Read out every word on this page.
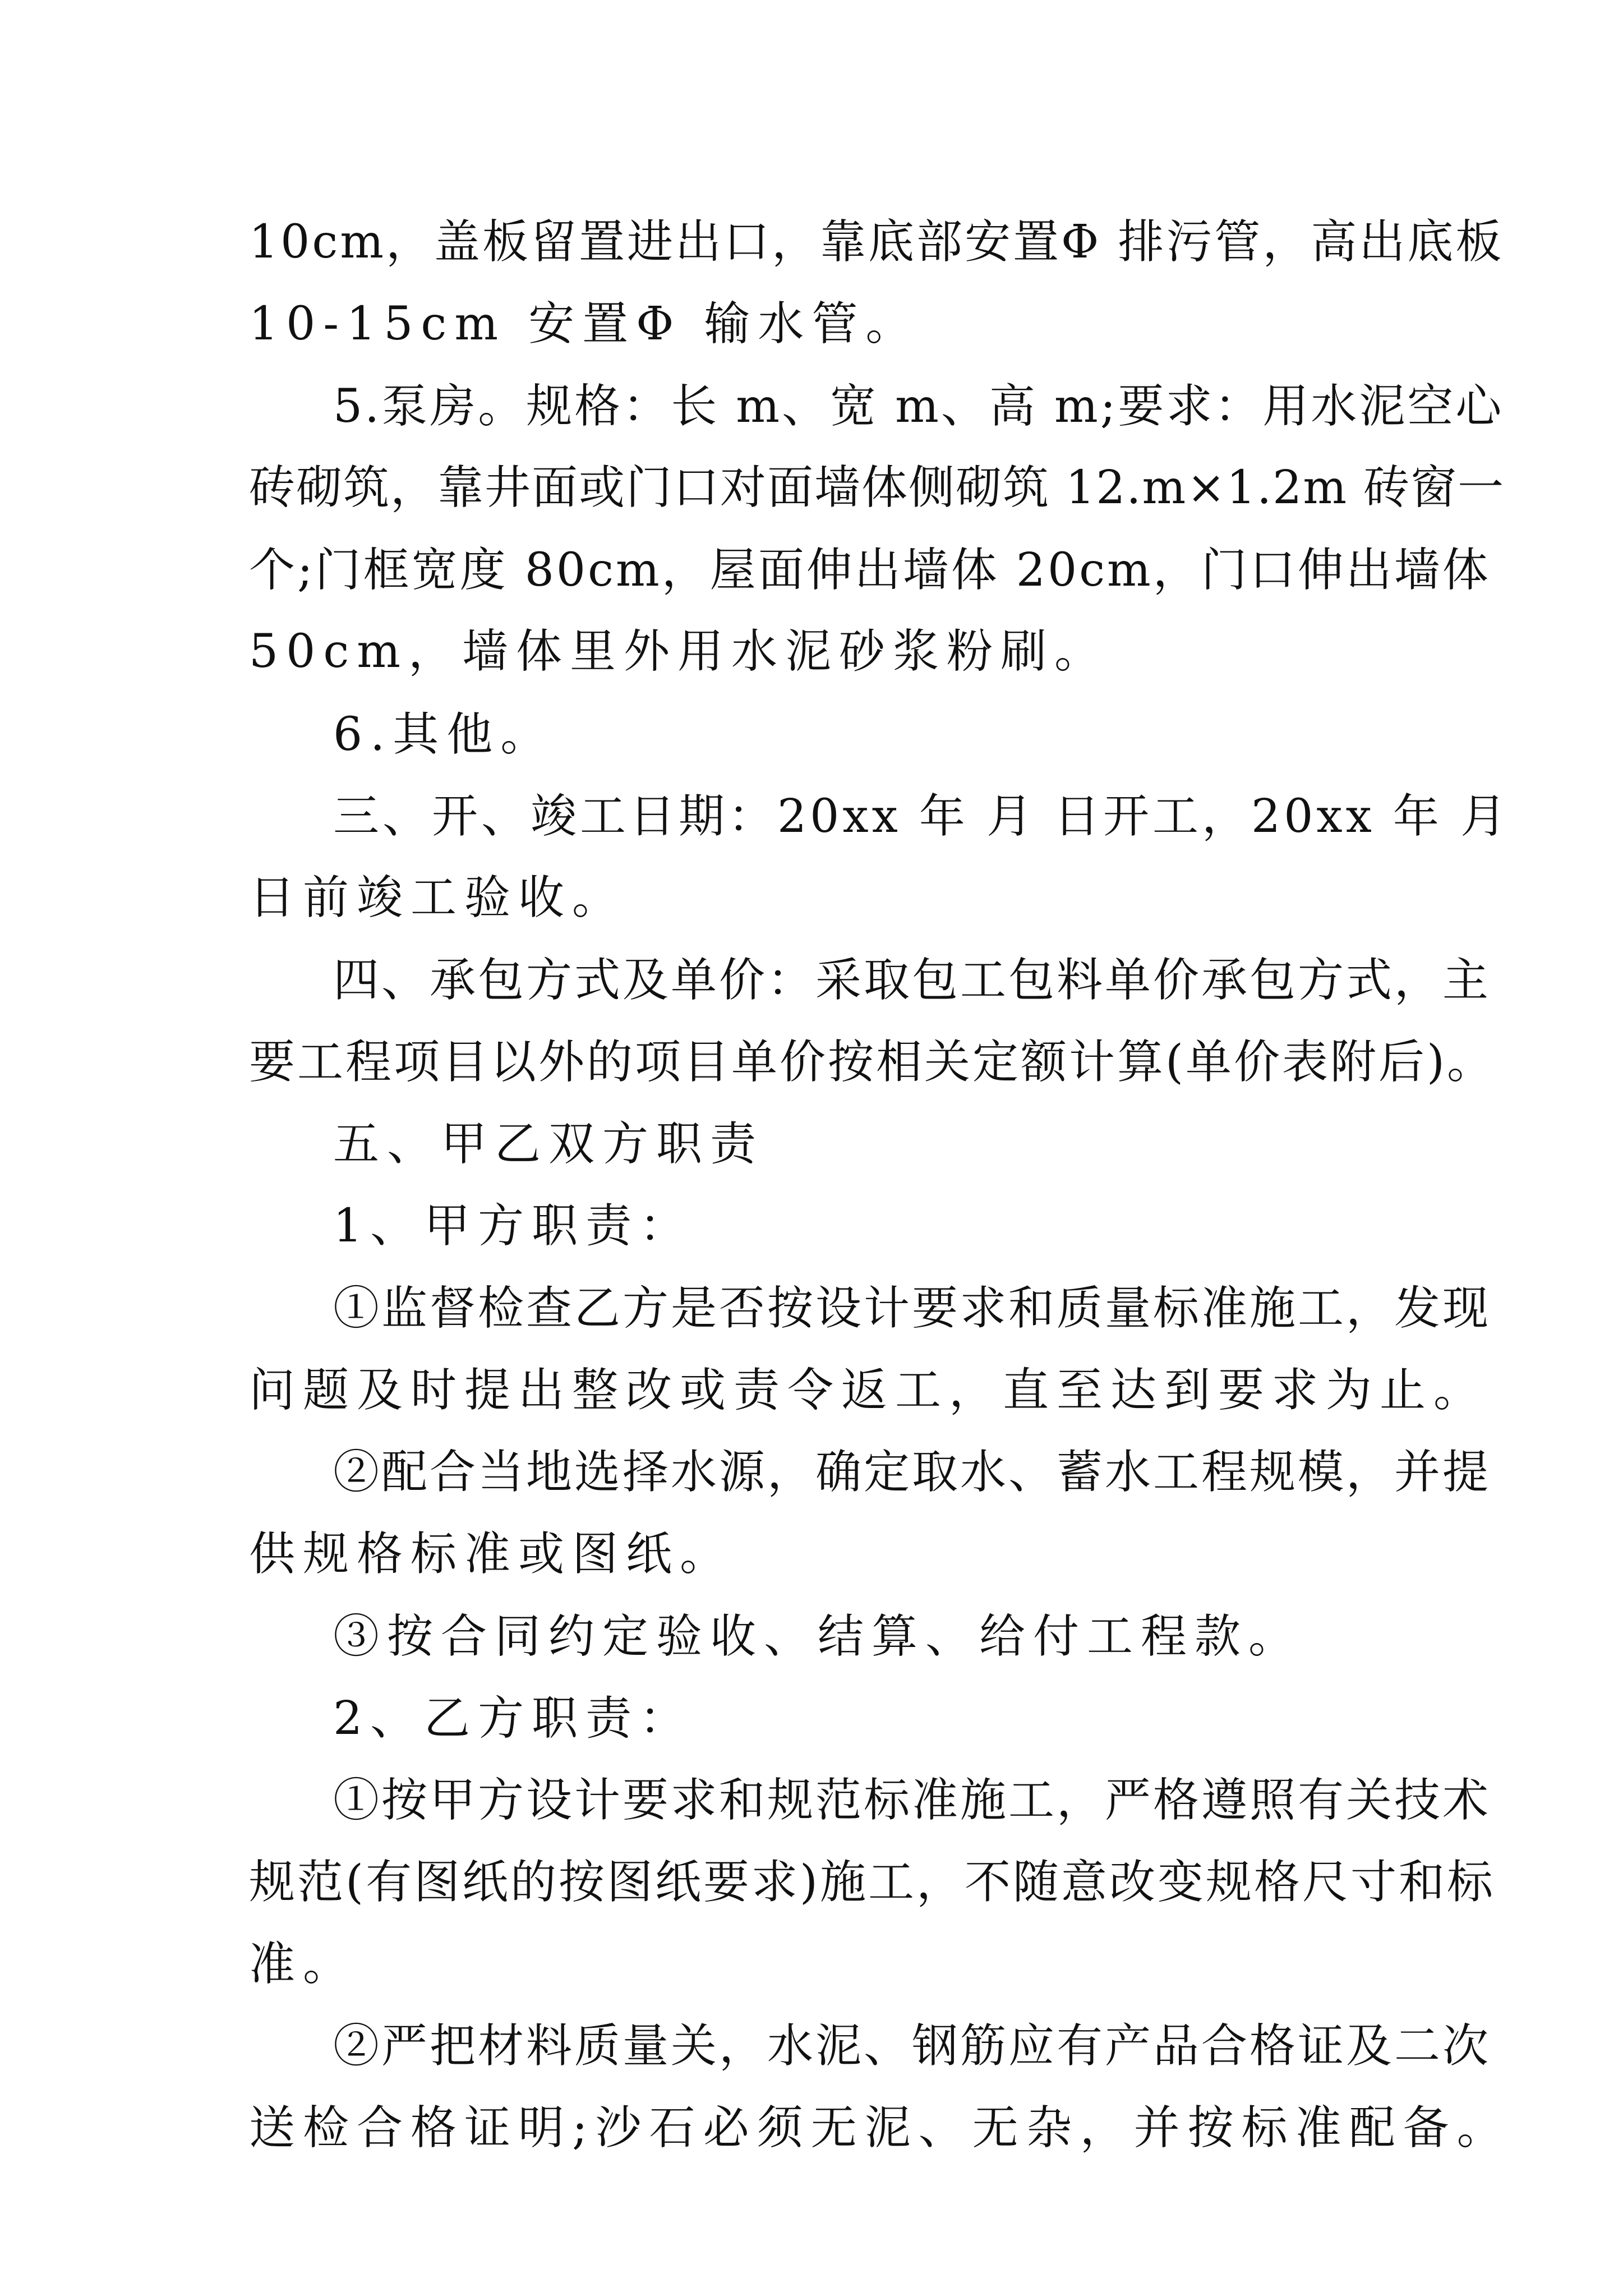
10cm，盖板留置进出口，靠底部安置Φ 排污管，高出底板
10-15cm 安置Φ 输水管。
5.泵房。规格：长 m、宽 m、高 m;要求：用水泥空心
砖砌筑，靠井面或门口对面墙体侧砌筑 12.m×1.2m 砖窗一
个;门框宽度 80cm，屋面伸出墙体 20cm，门口伸出墙体
50cm，墙体里外用水泥砂浆粉刷。
6.其他。
三、开、竣工日期：20xx 年 月 日开工，20xx 年 月
日前竣工验收。
四、承包方式及单价：采取包工包料单价承包方式，主
要工程项目以外的项目单价按相关定额计算(单价表附后)。
五、甲乙双方职责
1、甲方职责：
①监督检查乙方是否按设计要求和质量标准施工，发现
问题及时提出整改或责令返工，直至达到要求为止。
②配合当地选择水源，确定取水、蓄水工程规模，并提
供规格标准或图纸。
③按合同约定验收、结算、给付工程款。
2、乙方职责：
①按甲方设计要求和规范标准施工，严格遵照有关技术
规范(有图纸的按图纸要求)施工，不随意改变规格尺寸和标
准。
②严把材料质量关，水泥、钢筋应有产品合格证及二次
送检合格证明;沙石必须无泥、无杂，并按标准配备。
